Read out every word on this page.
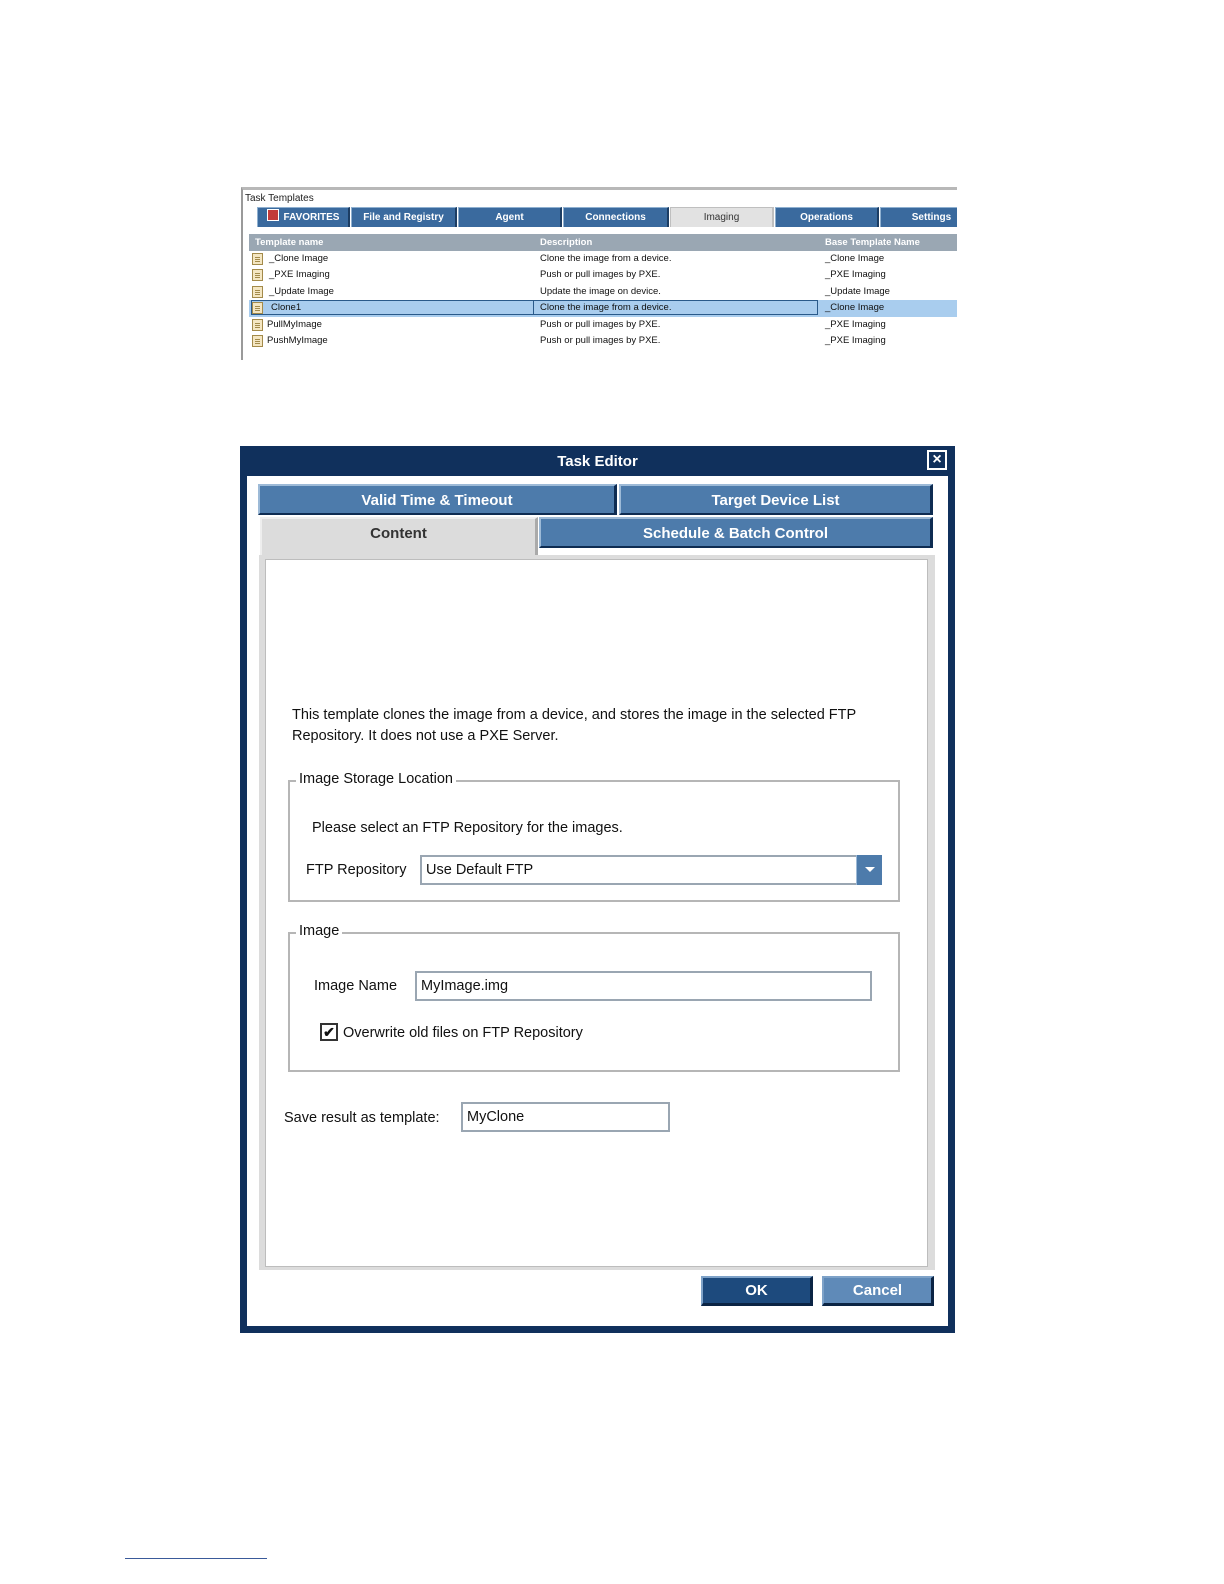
Task Templates
FAVORITES	File and Registry	Agent	Connections	Imaging	Operations	Settings
Template name	Description	Base Template Name
_Clone Image	Clone the image from a device.	_Clone Image
_PXE Imaging	Push or pull images by PXE.	_PXE Imaging
_Update Image	Update the image on device.	_Update Image
Clone1	Clone the image from a device.	_Clone Image
PullMyImage	Push or pull images by PXE.	_PXE Imaging
PushMyImage	Push or pull images by PXE.	_PXE Imaging
Task Editor	×
Valid Time & Timeout	Target Device List
Content	Schedule & Batch Control
This template clones the image from a device, and stores the image in the selected FTP Repository. It does not use a PXE Server.
Image Storage Location
Please select an FTP Repository for the images.
FTP Repository	Use Default FTP
Image
Image Name	MyImage.img
✔ Overwrite old files on FTP Repository
Save result as template:	MyClone
OK	Cancel
